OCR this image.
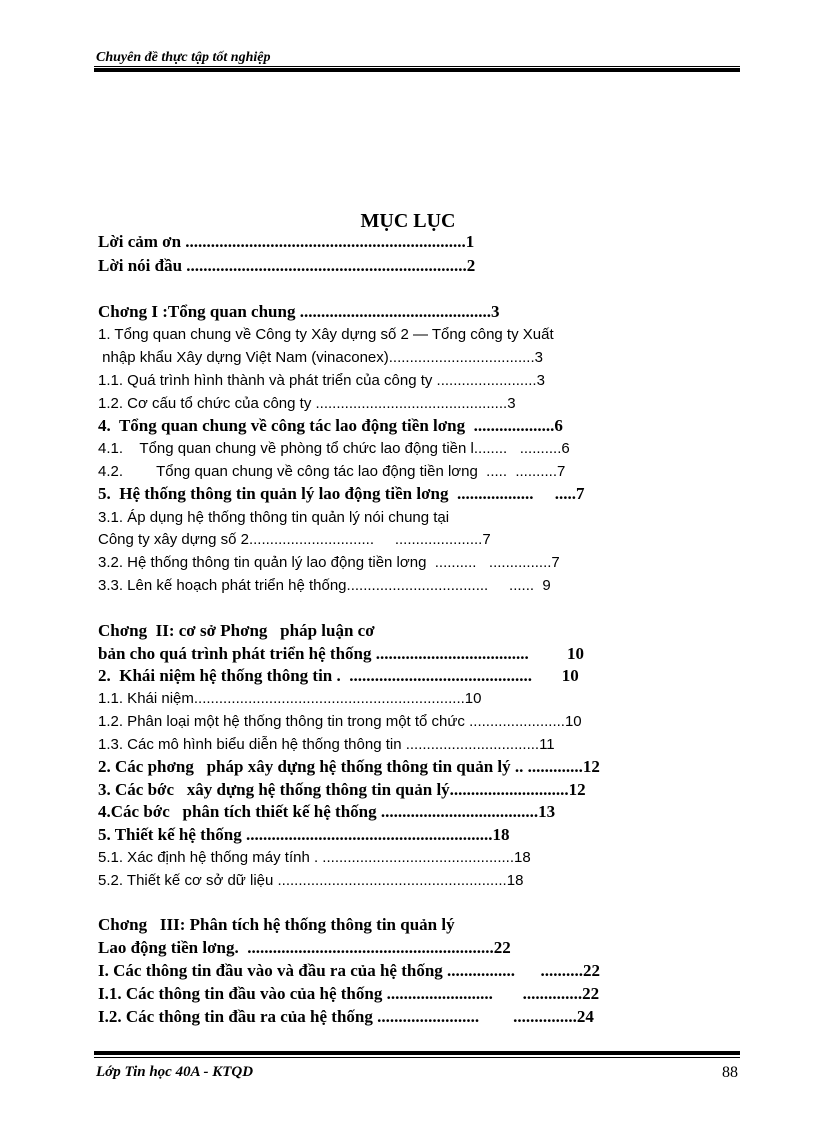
Chuyên đề thực tập tốt nghiệp
MỤC LỤC
Lời cảm ơn ..................................................................1
Lời nói đầu ..................................................................2
Chơng I :Tổng quan chung .............................................3
1. Tổng quan chung về Công ty Xây dựng số 2 — Tổng công ty Xuất
nhập khẩu Xây dựng Việt Nam (vinaconex)...................................3
1.1. Quá trình hình thành và phát triển của công ty ........................3
1.2. Cơ cấu tổ chức của công ty ..............................................3
4.  Tổng quan chung về công tác lao động tiền lơng  ...................6
4.1.    Tổng quan chung về phòng tổ chức lao động tiền l........   ..........6
4.2.        Tổng quan chung về công tác lao động tiền lơng  .....  ..........7
5.  Hệ thống thông tin quản lý lao động tiền lơng  ..................     .....7
3.1. Áp dụng hệ thống thông tin quản lý nói chung tại
Công ty xây dựng số 2..............................     .....................7
3.2. Hệ thống thông tin quản lý lao động tiền lơng  ..........   ...............7
3.3. Lên kế hoạch phát triển hệ thống..................................     ......  9
Chơng  II: cơ sở Phơng   pháp luận cơ
bản cho quá trình phát triển hệ thống ....................................         10
2.  Khái niệm hệ thống thông tin .  ...........................................       10
1.1. Khái niệm.................................................................10
1.2. Phân loại một hệ thống thông tin trong một tổ chức .......................10
1.3. Các mô hình biểu diễn hệ thống thông tin ................................11
2. Các phơng   pháp xây dựng hệ thống thông tin quản lý .. .............12
3. Các bớc   xây dựng hệ thống thông tin quản lý............................12
4.Các bớc   phân tích thiết kế hệ thống .....................................13
5. Thiết kế hệ thống ..........................................................18
5.1. Xác định hệ thống máy tính . ..............................................18
5.2. Thiết kế cơ sở dữ liệu .......................................................18
Chơng   III: Phân tích hệ thống thông tin quản lý
Lao động tiền lơng.  ..........................................................22
I. Các thông tin đầu vào và đầu ra của hệ thống ................      ..........22
I.1. Các thông tin đầu vào của hệ thống .........................       ..............22
I.2. Các thông tin đầu ra của hệ thống ........................        ...............24
Lớp Tin học 40A - KTQD	88
